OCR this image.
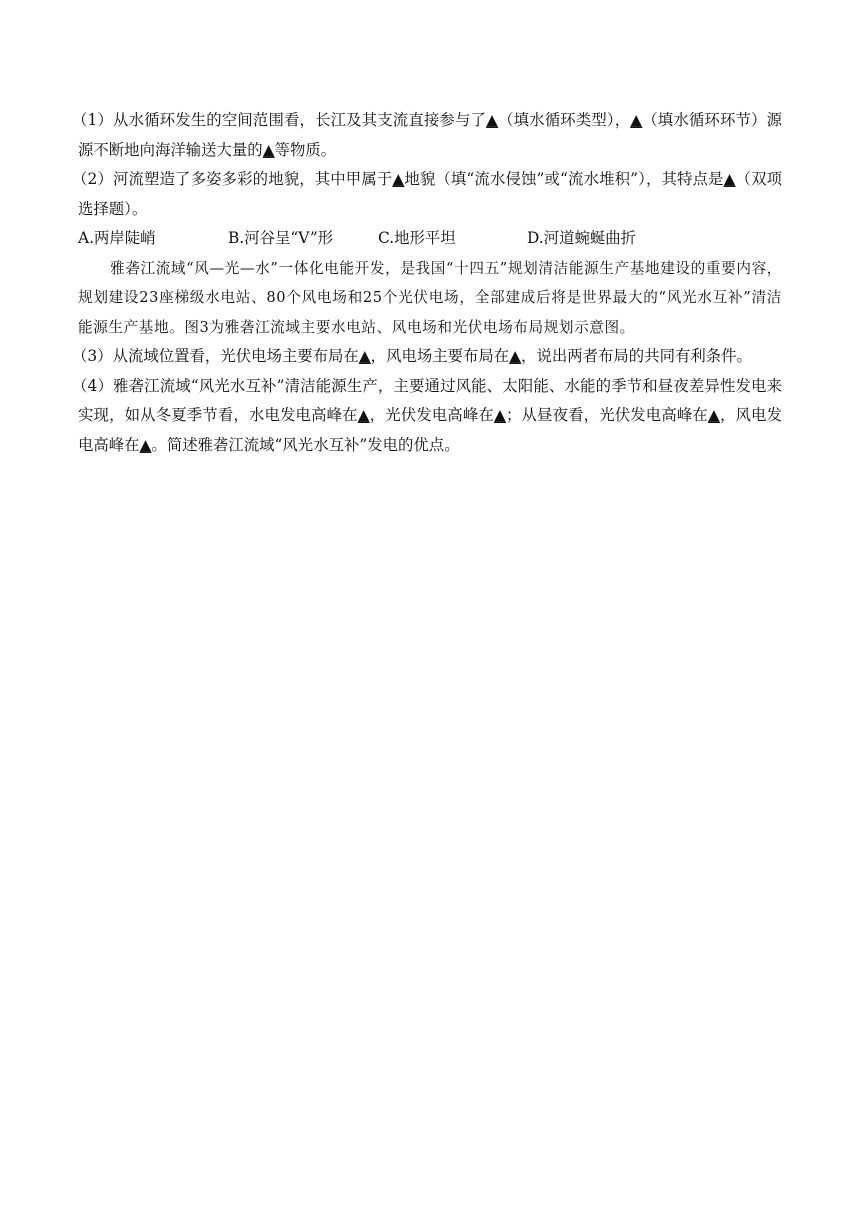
（1）从水循环发生的空间范围看，长江及其支流直接参与了▲（填水循环类型），▲（填水循环环节）源源不断地向海洋输送大量的▲等物质。

（2）河流塑造了多姿多彩的地貌，其中甲属于▲地貌（填“流水侵蚀”或“流水堆积”），其特点是▲（双项选择题）。

A.两岸陡峭	B.河谷呈“V”形	C.地形平坦	D.河道蜿蜒曲折

雅砻江流域“风—光—水”一体化电能开发，是我国“十四五”规划清洁能源生产基地建设的重要内容，规划建设23座梯级水电站、80个风电场和25个光伏电场，全部建成后将是世界最大的“风光水互补”清洁能源生产基地。图3为雅砻江流域主要水电站、风电场和光伏电场布局规划示意图。

（3）从流域位置看，光伏电场主要布局在▲，风电场主要布局在▲，说出两者布局的共同有利条件。

（4）雅砻江流域“风光水互补”清洁能源生产，主要通过风能、太阳能、水能的季节和昼夜差异性发电来实现，如从冬夏季节看，水电发电高峰在▲，光伏发电高峰在▲；从昼夜看，光伏发电高峰在▲，风电发电高峰在▲。简述雅砻江流域“风光水互补”发电的优点。
